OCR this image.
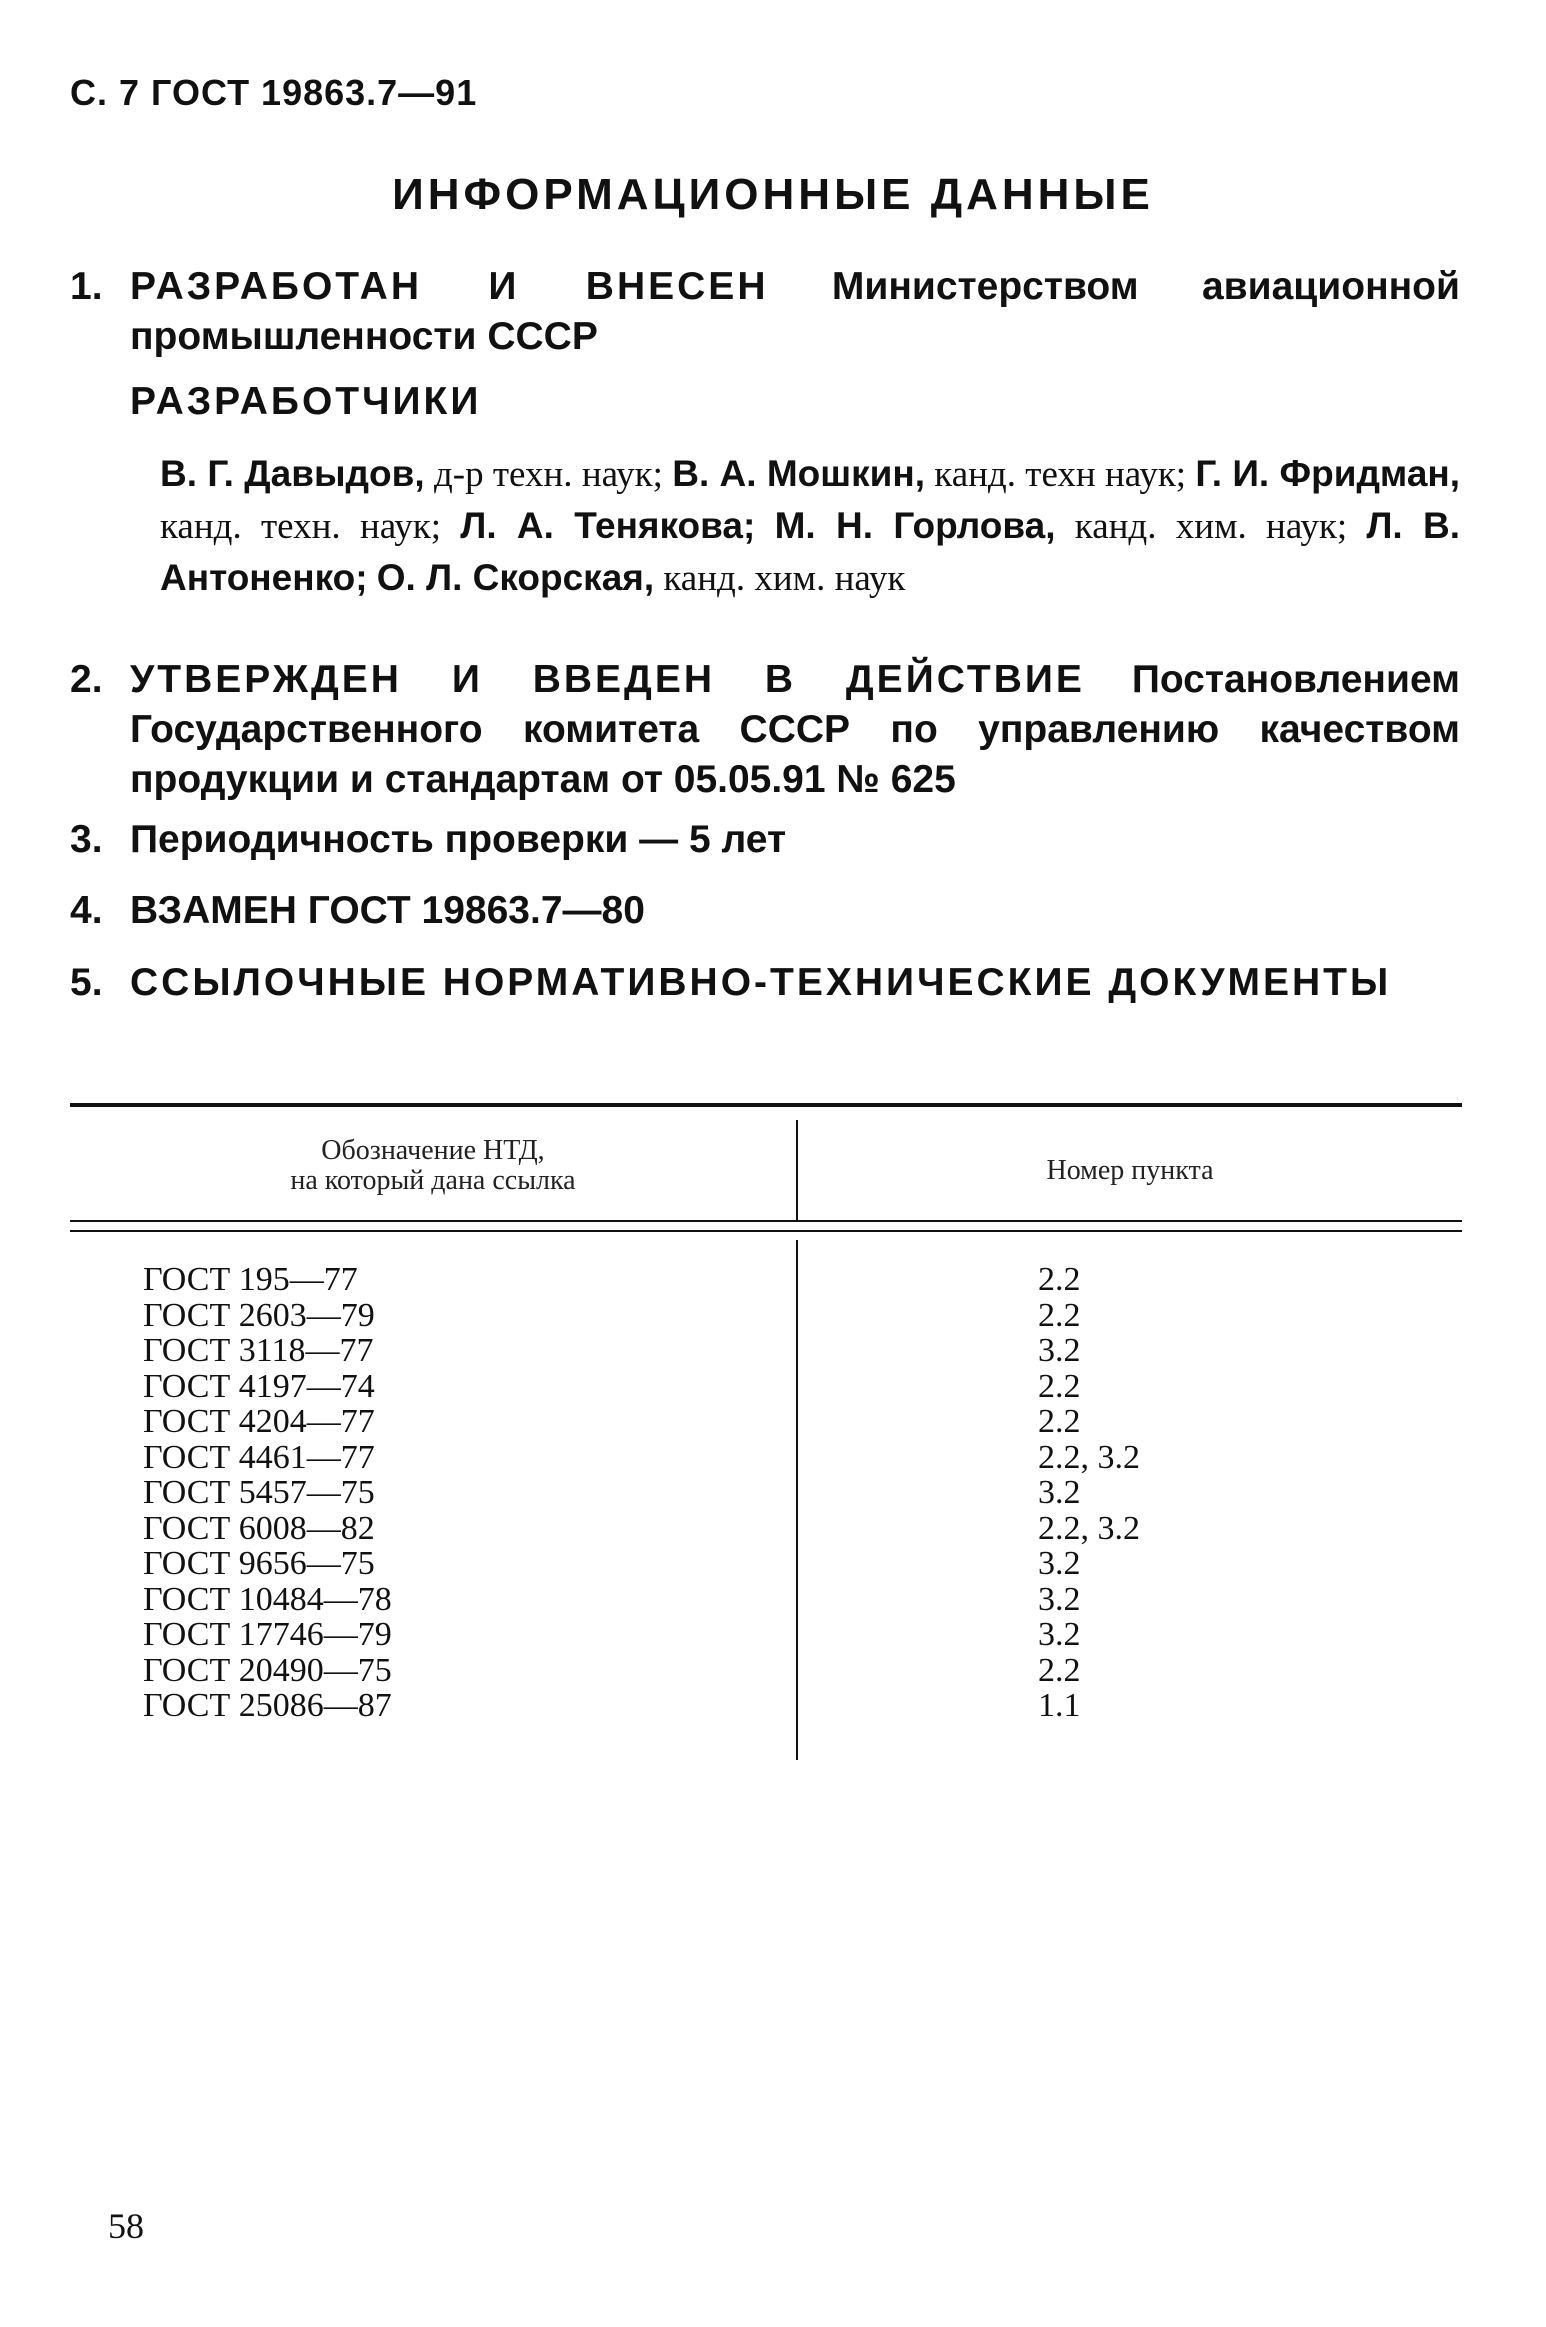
С. 7 ГОСТ 19863.7—91
ИНФОРМАЦИОННЫЕ ДАННЫЕ
1. РАЗРАБОТАН И ВНЕСЕН Министерством авиационной промышленности СССР
РАЗРАБОТЧИКИ
В. Г. Давыдов, д-р техн. наук; В. А. Мошкин, канд. техн наук; Г. И. Фридман, канд. техн. наук; Л. А. Тенякова; М. Н. Горлова, канд. хим. наук; Л. В. Антоненко; О. Л. Скорская, канд. хим. наук
2. УТВЕРЖДЕН И ВВЕДЕН В ДЕЙСТВИЕ Постановлением Государственного комитета СССР по управлению качеством продукции и стандартам от 05.05.91 № 625
3. Периодичность проверки — 5 лет
4. ВЗАМЕН ГОСТ 19863.7—80
5. ССЫЛОЧНЫЕ НОРМАТИВНО-ТЕХНИЧЕСКИЕ ДОКУМЕНТЫ
Обозначение НТД,
на который дана ссылка	Номер пункта
ГОСТ 195—77
ГОСТ 2603—79
ГОСТ 3118—77
ГОСТ 4197—74
ГОСТ 4204—77
ГОСТ 4461—77
ГОСТ 5457—75
ГОСТ 6008—82
ГОСТ 9656—75
ГОСТ 10484—78
ГОСТ 17746—79
ГОСТ 20490—75
ГОСТ 25086—87
2.2
2.2
3.2
2.2
2.2
2.2, 3.2
3.2
2.2, 3.2
3.2
3.2
3.2
2.2
1.1
58
